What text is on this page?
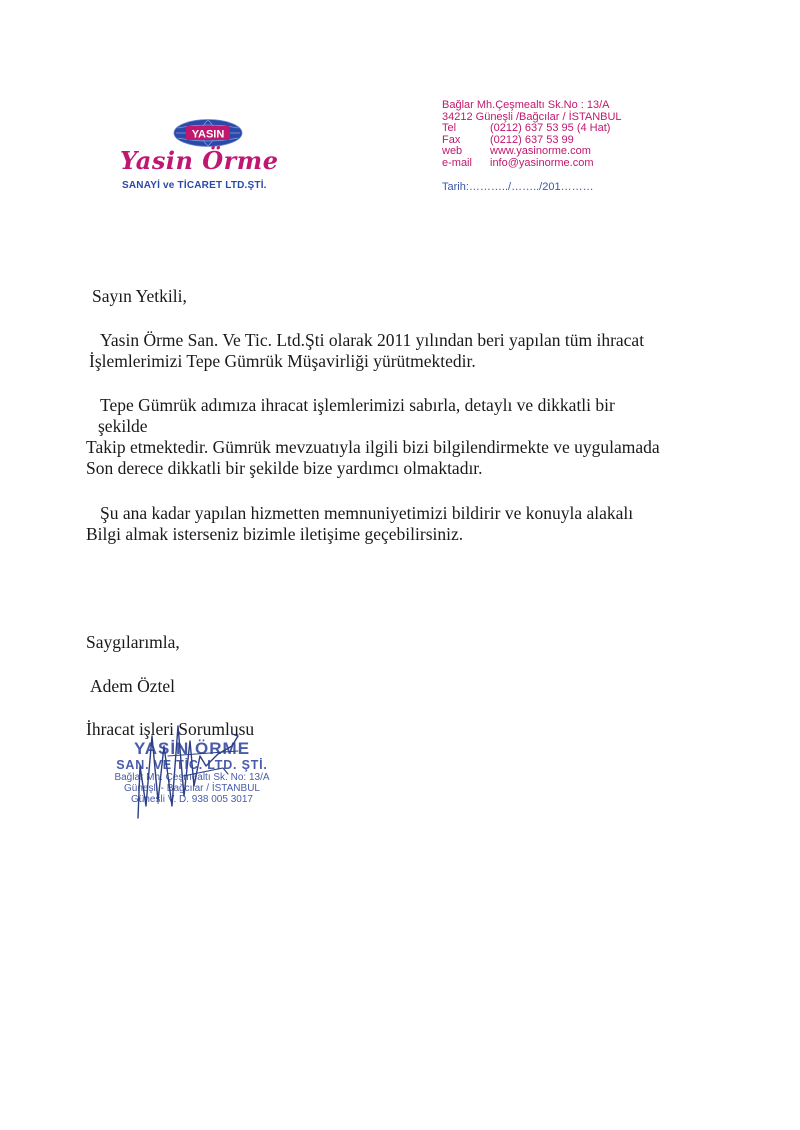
YASIN
Yasin Örme
SANAYİ ve TİCARET LTD.ŞTİ.
Bağlar Mh.Çeşmealtı Sk.No : 13/A
34212 Güneşli /Bağcılar / İSTANBUL
Tel	(0212) 637 53 95 (4 Hat)
Fax	(0212) 637 53 99
web	www.yasinorme.com
e-mail info@yasinorme.com
Tarih:………../……../201………
Sayın Yetkili,
Yasin Örme San. Ve Tic. Ltd.Şti olarak 2011 yılından beri yapılan tüm ihracat
İşlemlerimizi Tepe Gümrük Müşavirliği yürütmektedir.
Tepe Gümrük adımıza ihracat işlemlerimizi sabırla, detaylı ve dikkatli bir
şekilde
Takip etmektedir. Gümrük mevzuatıyla ilgili bizi bilgilendirmekte ve uygulamada
Son derece dikkatli bir şekilde bize yardımcı olmaktadır.
Şu ana kadar yapılan hizmetten memnuniyetimizi bildirir ve konuyla alakalı
Bilgi almak isterseniz bizimle iletişime geçebilirsiniz.
Saygılarımla,
Adem Öztel
İhracat işleri Sorumlusu
YASİN ÖRME
SAN. VE TİC. LTD. ŞTİ.
Bağlar Mh. Çeşmealtı Sk. No: 13/A
Güneşli - Bağcılar / İSTANBUL
Güneşli V. D. 938 005 3017
